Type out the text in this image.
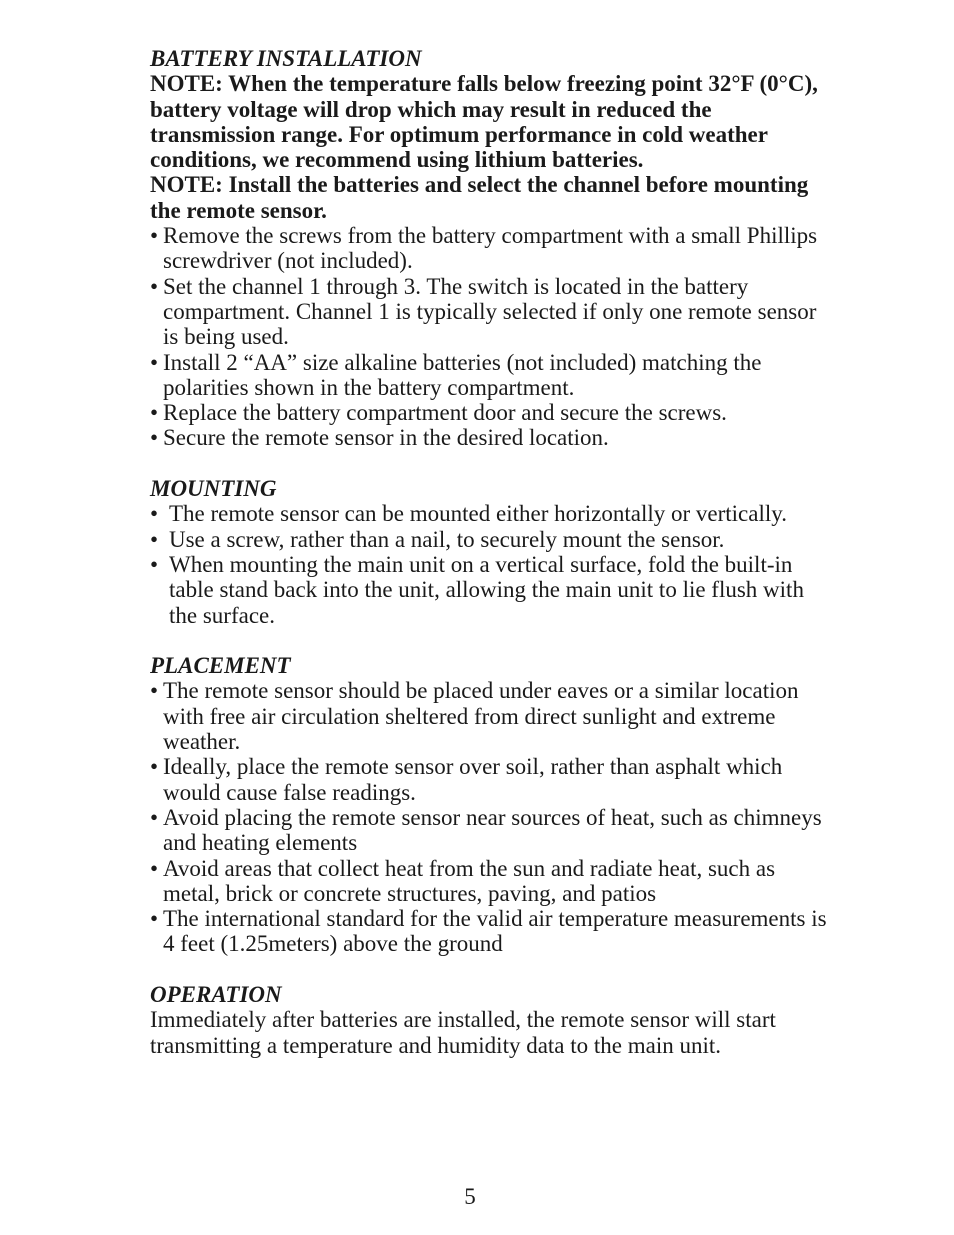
BATTERY INSTALLATION
NOTE: When the temperature falls below freezing point 32°F (0°C), battery voltage will drop which may result in reduced the transmission range. For optimum performance in cold weather conditions, we recommend using lithium batteries.
NOTE: Install the batteries and select the channel before mounting the remote sensor.
• Remove the screws from the battery compartment with a small Phillips screwdriver (not included).
• Set the channel 1 through 3. The switch is located in the battery compartment. Channel 1 is typically selected if only one remote sensor is being used.
• Install 2 “AA” size alkaline batteries (not included) matching the polarities shown in the battery compartment.
• Replace the battery compartment door and secure the screws.
• Secure the remote sensor in the desired location.
MOUNTING
• The remote sensor can be mounted either horizontally or vertically.
• Use a screw, rather than a nail, to securely mount the sensor.
• When mounting the main unit on a vertical surface, fold the built-in table stand back into the unit, allowing the main unit to lie flush with the surface.
PLACEMENT
• The remote sensor should be placed under eaves or a similar location with free air circulation sheltered from direct sunlight and extreme weather.
• Ideally, place the remote sensor over soil, rather than asphalt which would cause false readings.
• Avoid placing the remote sensor near sources of heat, such as chimneys and heating elements
• Avoid areas that collect heat from the sun and radiate heat, such as metal, brick or concrete structures, paving, and patios
• The international standard for the valid air temperature measurements is 4 feet (1.25meters) above the ground
OPERATION
Immediately after batteries are installed, the remote sensor will start transmitting a temperature and humidity data to the main unit.
5
